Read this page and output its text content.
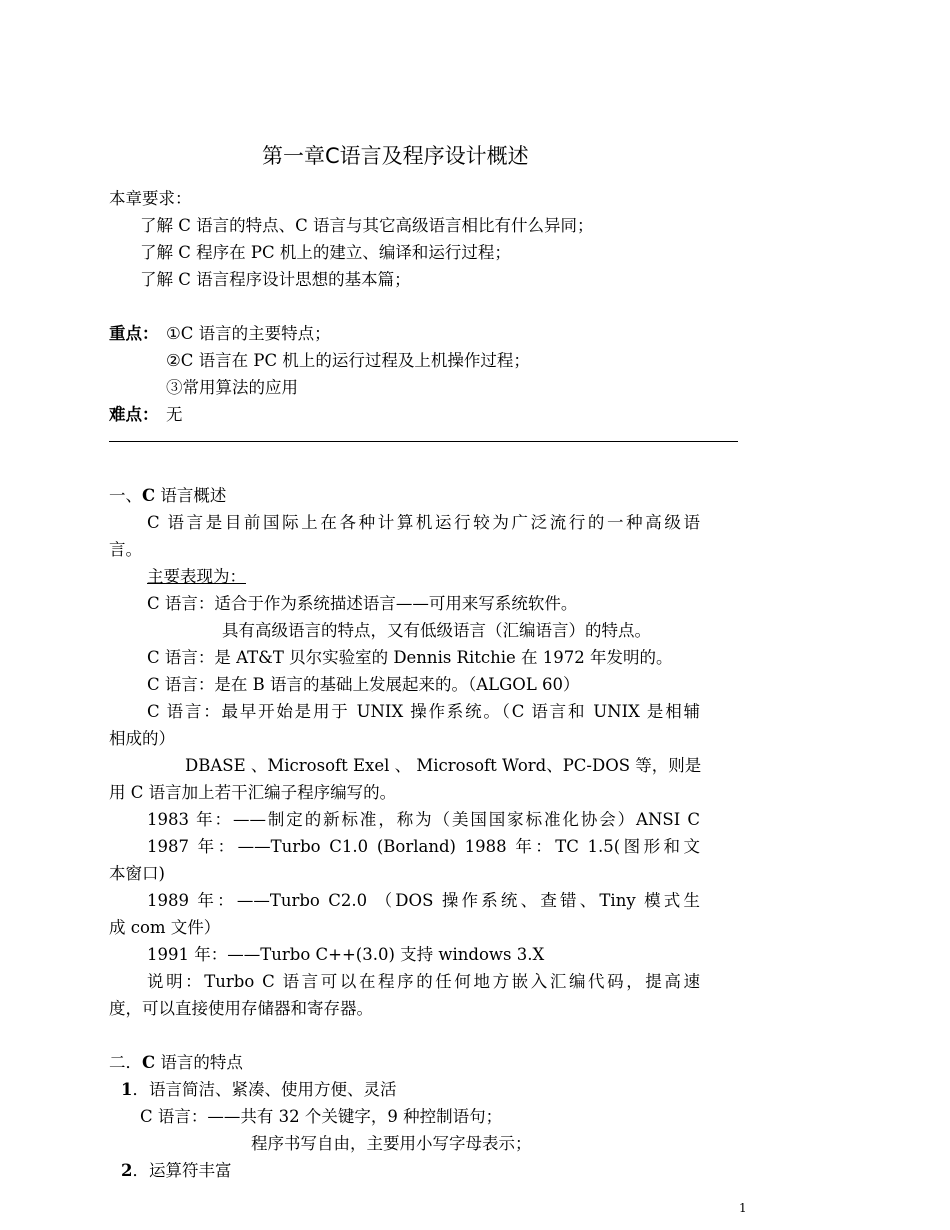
第一章C语言及程序设计概述
本章要求：
了解 C 语言的特点、C 语言与其它高级语言相比有什么异同；
了解 C 程序在 PC 机上的建立、编译和运行过程；
了解 C 语言程序设计思想的基本篇；
重点： ①C 语言的主要特点；
②C 语言在 PC 机上的运行过程及上机操作过程；
③常用算法的应用
难点： 无
一、C 语言概述
C 语言是目前国际上在各种计算机运行较为广泛流行的一种高级语
言。
主要表现为：
C 语言：适合于作为系统描述语言——可用来写系统软件。
具有高级语言的特点，又有低级语言（汇编语言）的特点。
C 语言：是 AT&T 贝尔实验室的 Dennis Ritchie 在 1972 年发明的。
C 语言：是在 B 语言的基础上发展起来的。（ALGOL 60）
C 语言：最早开始是用于 UNIX 操作系统。（C 语言和 UNIX 是相辅
相成的）
DBASE 、Microsoft Exel 、 Microsoft Word、PC-DOS 等，则是
用 C 语言加上若干汇编子程序编写的。
1983 年：——制定的新标准，称为（美国国家标准化协会）ANSI C
1987 年：——Turbo C1.0 (Borland) 1988 年：TC 1.5(图形和文
本窗口)
1989 年：——Turbo C2.0 （DOS 操作系统、查错、Tiny 模式生
成 com 文件）
1991 年：——Turbo C++(3.0) 支持 windows 3.X
说明：Turbo C 语言可以在程序的任何地方嵌入汇编代码，提高速
度，可以直接使用存储器和寄存器。
二．C 语言的特点
1．语言简洁、紧凑、使用方便、灵活
C 语言：——共有 32 个关键字，9 种控制语句；
程序书写自由，主要用小写字母表示；
2．运算符丰富
1
